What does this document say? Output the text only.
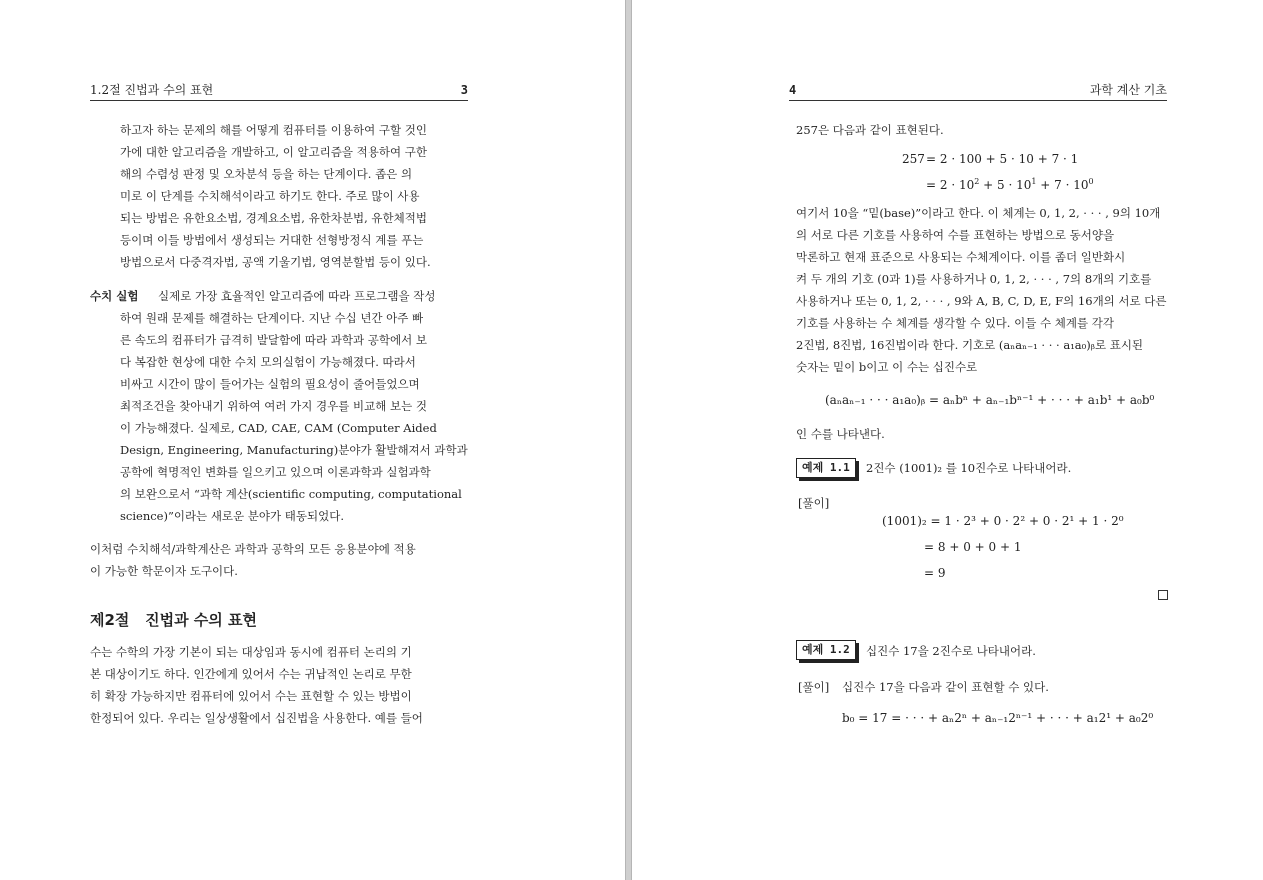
1.2절 진법과 수의 표현	3
하고자 하는 문제의 해를 어떻게 컴퓨터를 이용하여 구할 것인
가에 대한 알고리즘을 개발하고, 이 알고리즘을 적용하여 구한
해의 수렴성 판정 및 오차분석 등을 하는 단계이다. 좁은 의
미로 이 단계를 수치해석이라고 하기도 한다. 주로 많이 사용
되는 방법은 유한요소법, 경계요소법, 유한차분법, 유한체적법
등이며 이들 방법에서 생성되는 거대한 선형방정식 계를 푸는
방법으로서 다중격자법, 공액 기울기법, 영역분할법 등이 있다.
수치 실험 실제로 가장 효율적인 알고리즘에 따라 프로그램을 작성
하여 원래 문제를 해결하는 단계이다. 지난 수십 년간 아주 빠
른 속도의 컴퓨터가 급격히 발달함에 따라 과학과 공학에서 보
다 복잡한 현상에 대한 수치 모의실험이 가능해졌다. 따라서
비싸고 시간이 많이 들어가는 실험의 필요성이 줄어들었으며
최적조건을 찾아내기 위하여 여러 가지 경우를 비교해 보는 것
이 가능해졌다. 실제로, CAD, CAE, CAM (Computer Aided
Design, Engineering, Manufacturing)분야가 활발해져서 과학과
공학에 혁명적인 변화를 일으키고 있으며 이론과학과 실험과학
의 보완으로서 “과학 계산(scientific computing, computational
science)”이라는 새로운 분야가 태동되었다.
이처럼 수치해석/과학계산은 과학과 공학의 모든 응용분야에 적용
이 가능한 학문이자 도구이다.
제2절 진법과 수의 표현
수는 수학의 가장 기본이 되는 대상임과 동시에 컴퓨터 논리의 기
본 대상이기도 하다. 인간에게 있어서 수는 귀납적인 논리로 무한
히 확장 가능하지만 컴퓨터에 있어서 수는 표현할 수 있는 방법이
한정되어 있다. 우리는 일상생활에서 십진법을 사용한다. 예를 들어
4	과학 계산 기초
257은 다음과 같이 표현된다.
257 = 2 · 100 + 5 · 10 + 7 · 1
= $2 \cdot 10^2 + 5 \cdot 10^1 + 7 \cdot 10^0$
여기서 10을 “밑(base)”이라고 한다. 이 체계는 0, 1, 2, · · · , 9의 10개
의 서로 다른 기호를 사용하여 수를 표현하는 방법으로 동서양을
막론하고 현재 표준으로 사용되는 수체계이다. 이를 좀더 일반화시
켜 두 개의 기호 (0과 1)를 사용하거나 0, 1, 2, · · · , 7의 8개의 기호를
사용하거나 또는 0, 1, 2, · · · , 9와 A, B, C, D, E, F의 16개의 서로 다른
기호를 사용하는 수 체계를 생각할 수 있다. 이들 수 체계를 각각
2진법, 8진법, 16진법이라 한다. 기호로 (aₙaₙ₋₁ · · · a₁a₀)ᵦ로 표시된
숫자는 밑이 b이고 이 수는 십진수로
(aₙaₙ₋₁ · · · a₁a₀)ᵦ = aₙbⁿ + aₙ₋₁bⁿ⁻¹ + · · · + a₁b¹ + a₀b⁰
인 수를 나타낸다.
예제 1.1	2진수 (1001)₂ 를 10진수로 나타내어라.
[풀이]
(1001)₂ = 1 · 2³ + 0 · 2² + 0 · 2¹ + 1 · 2⁰
= 8 + 0 + 0 + 1
= 9
예제 1.2	십진수 17을 2진수로 나타내어라.
[풀이] 십진수 17을 다음과 같이 표현할 수 있다.
b₀ = 17 = · · · + aₙ2ⁿ + aₙ₋₁2ⁿ⁻¹ + · · · + a₁2¹ + a₀2⁰
